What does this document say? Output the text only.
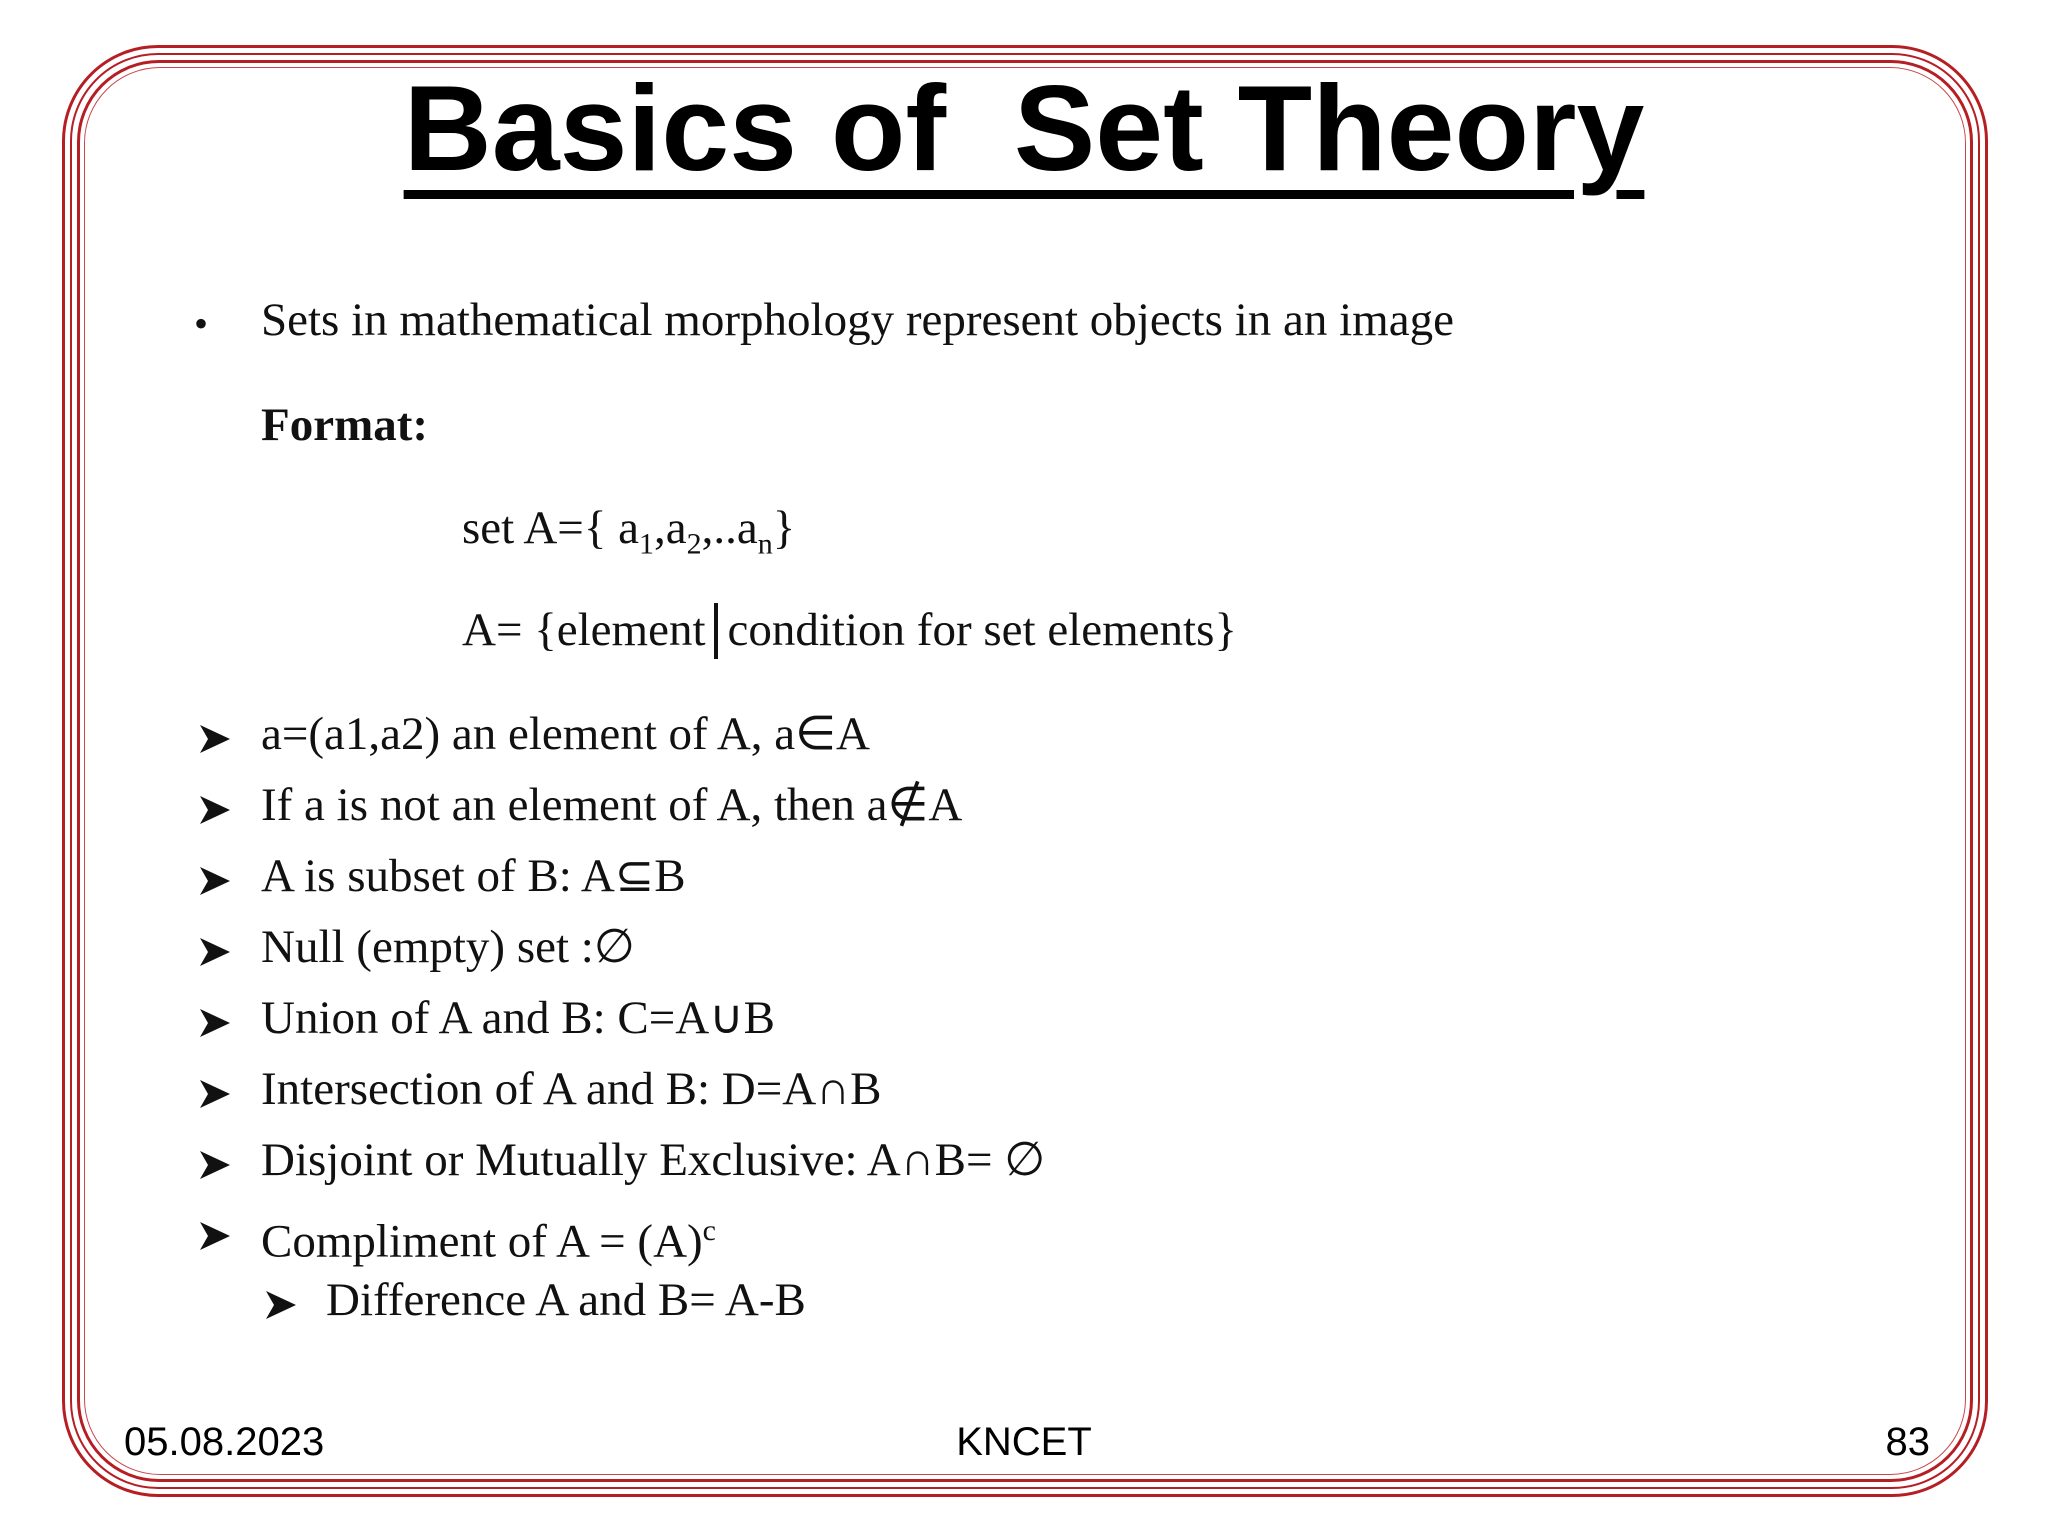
Basics of  Set Theory
• Sets in mathematical morphology represent objects in an image
Format:
set A={ $a_1,a_2,..a_n$}
A= {element condition for set elements}
a=(a1,a2) an element of A, a∈A
If a is not an element of A, then a∉A
A is subset of B: A⊆B
Null (empty) set :∅
Union of A and B: C=A∪B
Intersection of A and B: D=A∩B
Disjoint or Mutually Exclusive: A∩B= ∅
Compliment of $A = (A)^c$
Difference A and B= A-B
05.08.2023	KNCET	83
